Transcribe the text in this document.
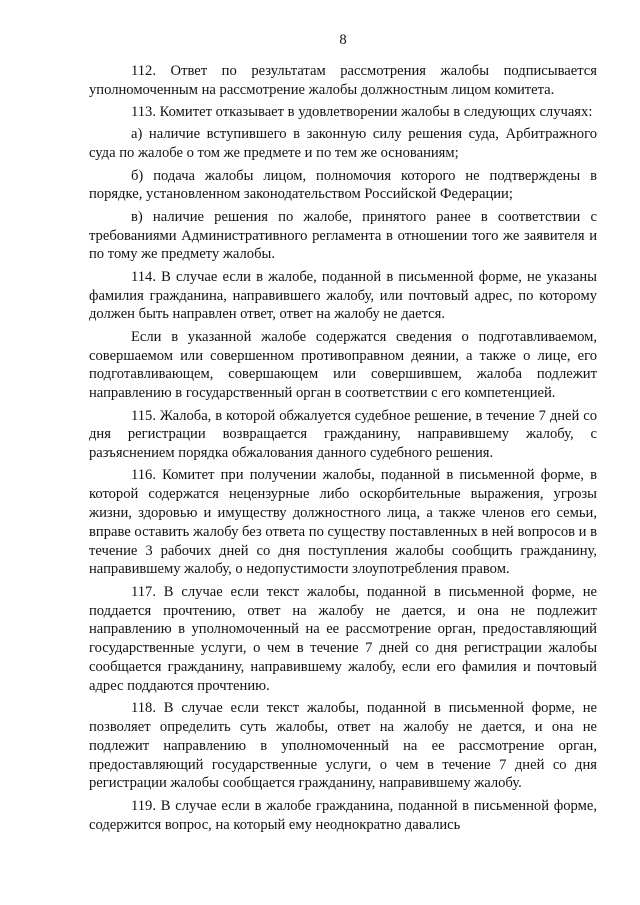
8

112. Ответ по результатам рассмотрения жалобы подписывается уполномоченным на рассмотрение жалобы должностным лицом комитета.

113. Комитет отказывает в удовлетворении жалобы в следующих случаях:

а) наличие вступившего в законную силу решения суда, Арбитражного суда по жалобе о том же предмете и по тем же основаниям;

б) подача жалобы лицом, полномочия которого не подтверждены в порядке, установленном законодательством Российской Федерации;

в) наличие решения по жалобе, принятого ранее в соответствии с требованиями Административного регламента в отношении того же заявителя и по тому же предмету жалобы.

114. В случае если в жалобе, поданной в письменной форме, не указаны фамилия гражданина, направившего жалобу, или почтовый адрес, по которому должен быть направлен ответ, ответ на жалобу не дается.

Если в указанной жалобе содержатся сведения о подготавливаемом, совершаемом или совершенном противоправном деянии, а также о лице, его подготавливающем, совершающем или совершившем, жалоба подлежит направлению в государственный орган в соответствии с его компетенцией.

115. Жалоба, в которой обжалуется судебное решение, в течение 7 дней со дня регистрации возвращается гражданину, направившему жалобу, с разъяснением порядка обжалования данного судебного решения.

116. Комитет при получении жалобы, поданной в письменной форме, в которой содержатся нецензурные либо оскорбительные выражения, угрозы жизни, здоровью и имуществу должностного лица, а также членов его семьи, вправе оставить жалобу без ответа по существу поставленных в ней вопросов и в течение 3 рабочих дней со дня поступления жалобы сообщить гражданину, направившему жалобу, о недопустимости злоупотребления правом.

117. В случае если текст жалобы, поданной в письменной форме, не поддается прочтению, ответ на жалобу не дается, и она не подлежит направлению в уполномоченный на ее рассмотрение орган, предоставляющий государственные услуги, о чем в течение 7 дней со дня регистрации жалобы сообщается гражданину, направившему жалобу, если его фамилия и почтовый адрес поддаются прочтению.

118. В случае если текст жалобы, поданной в письменной форме, не позволяет определить суть жалобы, ответ на жалобу не дается, и она не подлежит направлению в уполномоченный на ее рассмотрение орган, предоставляющий государственные услуги, о чем в течение 7 дней со дня регистрации жалобы сообщается гражданину, направившему жалобу.

119. В случае если в жалобе гражданина, поданной в письменной форме, содержится вопрос, на который ему неоднократно давались
